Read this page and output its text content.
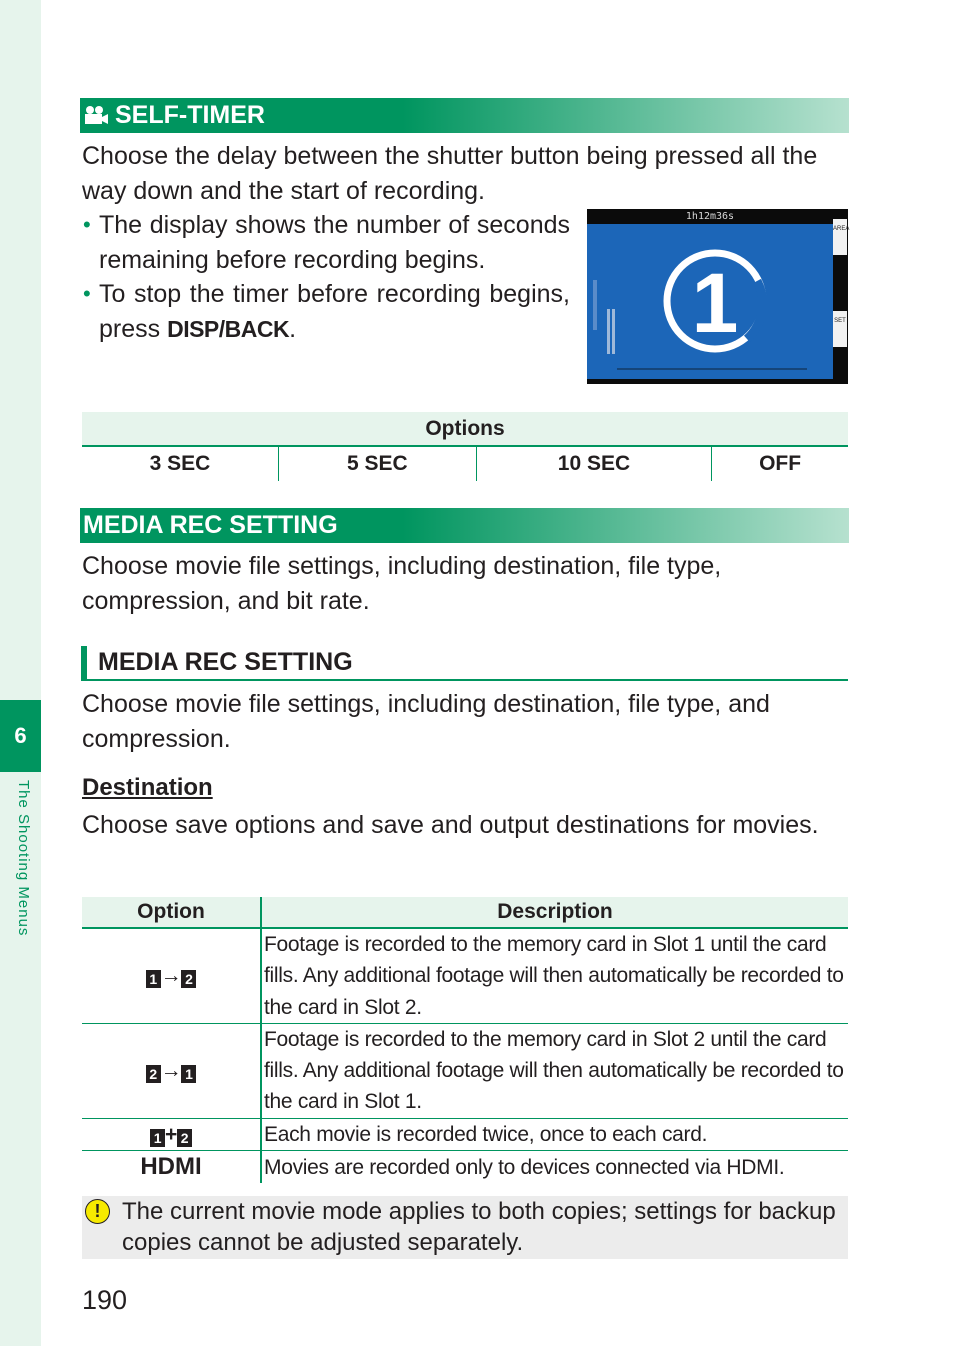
6
The Shooting Menus
SELF-TIMER

Choose the delay between the shutter button being pressed all the way down and the start of recording.

• The display shows the number of seconds remaining before recording begins.
• To stop the timer before recording begins, press DISP/BACK.
1h12m36s
1
AREA
SET
Options
3 SEC	5 SEC	10 SEC	OFF
MEDIA REC SETTING

Choose movie file settings, including destination, file type, compression, and bit rate.

MEDIA REC SETTING

Choose movie file settings, including destination, file type, and compression.

Destination

Choose save options and save and output destinations for movies.

Option	Description
1 → 2	Footage is recorded to the memory card in Slot 1 until the card fills. Any additional footage will then automatically be recorded to the card in Slot 2.
2 → 1	Footage is recorded to the memory card in Slot 2 until the card fills. Any additional footage will then automatically be recorded to the card in Slot 1.
1 + 2	Each movie is recorded twice, once to each card.
HDMI	Movies are recorded only to devices connected via HDMI.
! The current movie mode applies to both copies; settings for backup copies cannot be adjusted separately.

190
